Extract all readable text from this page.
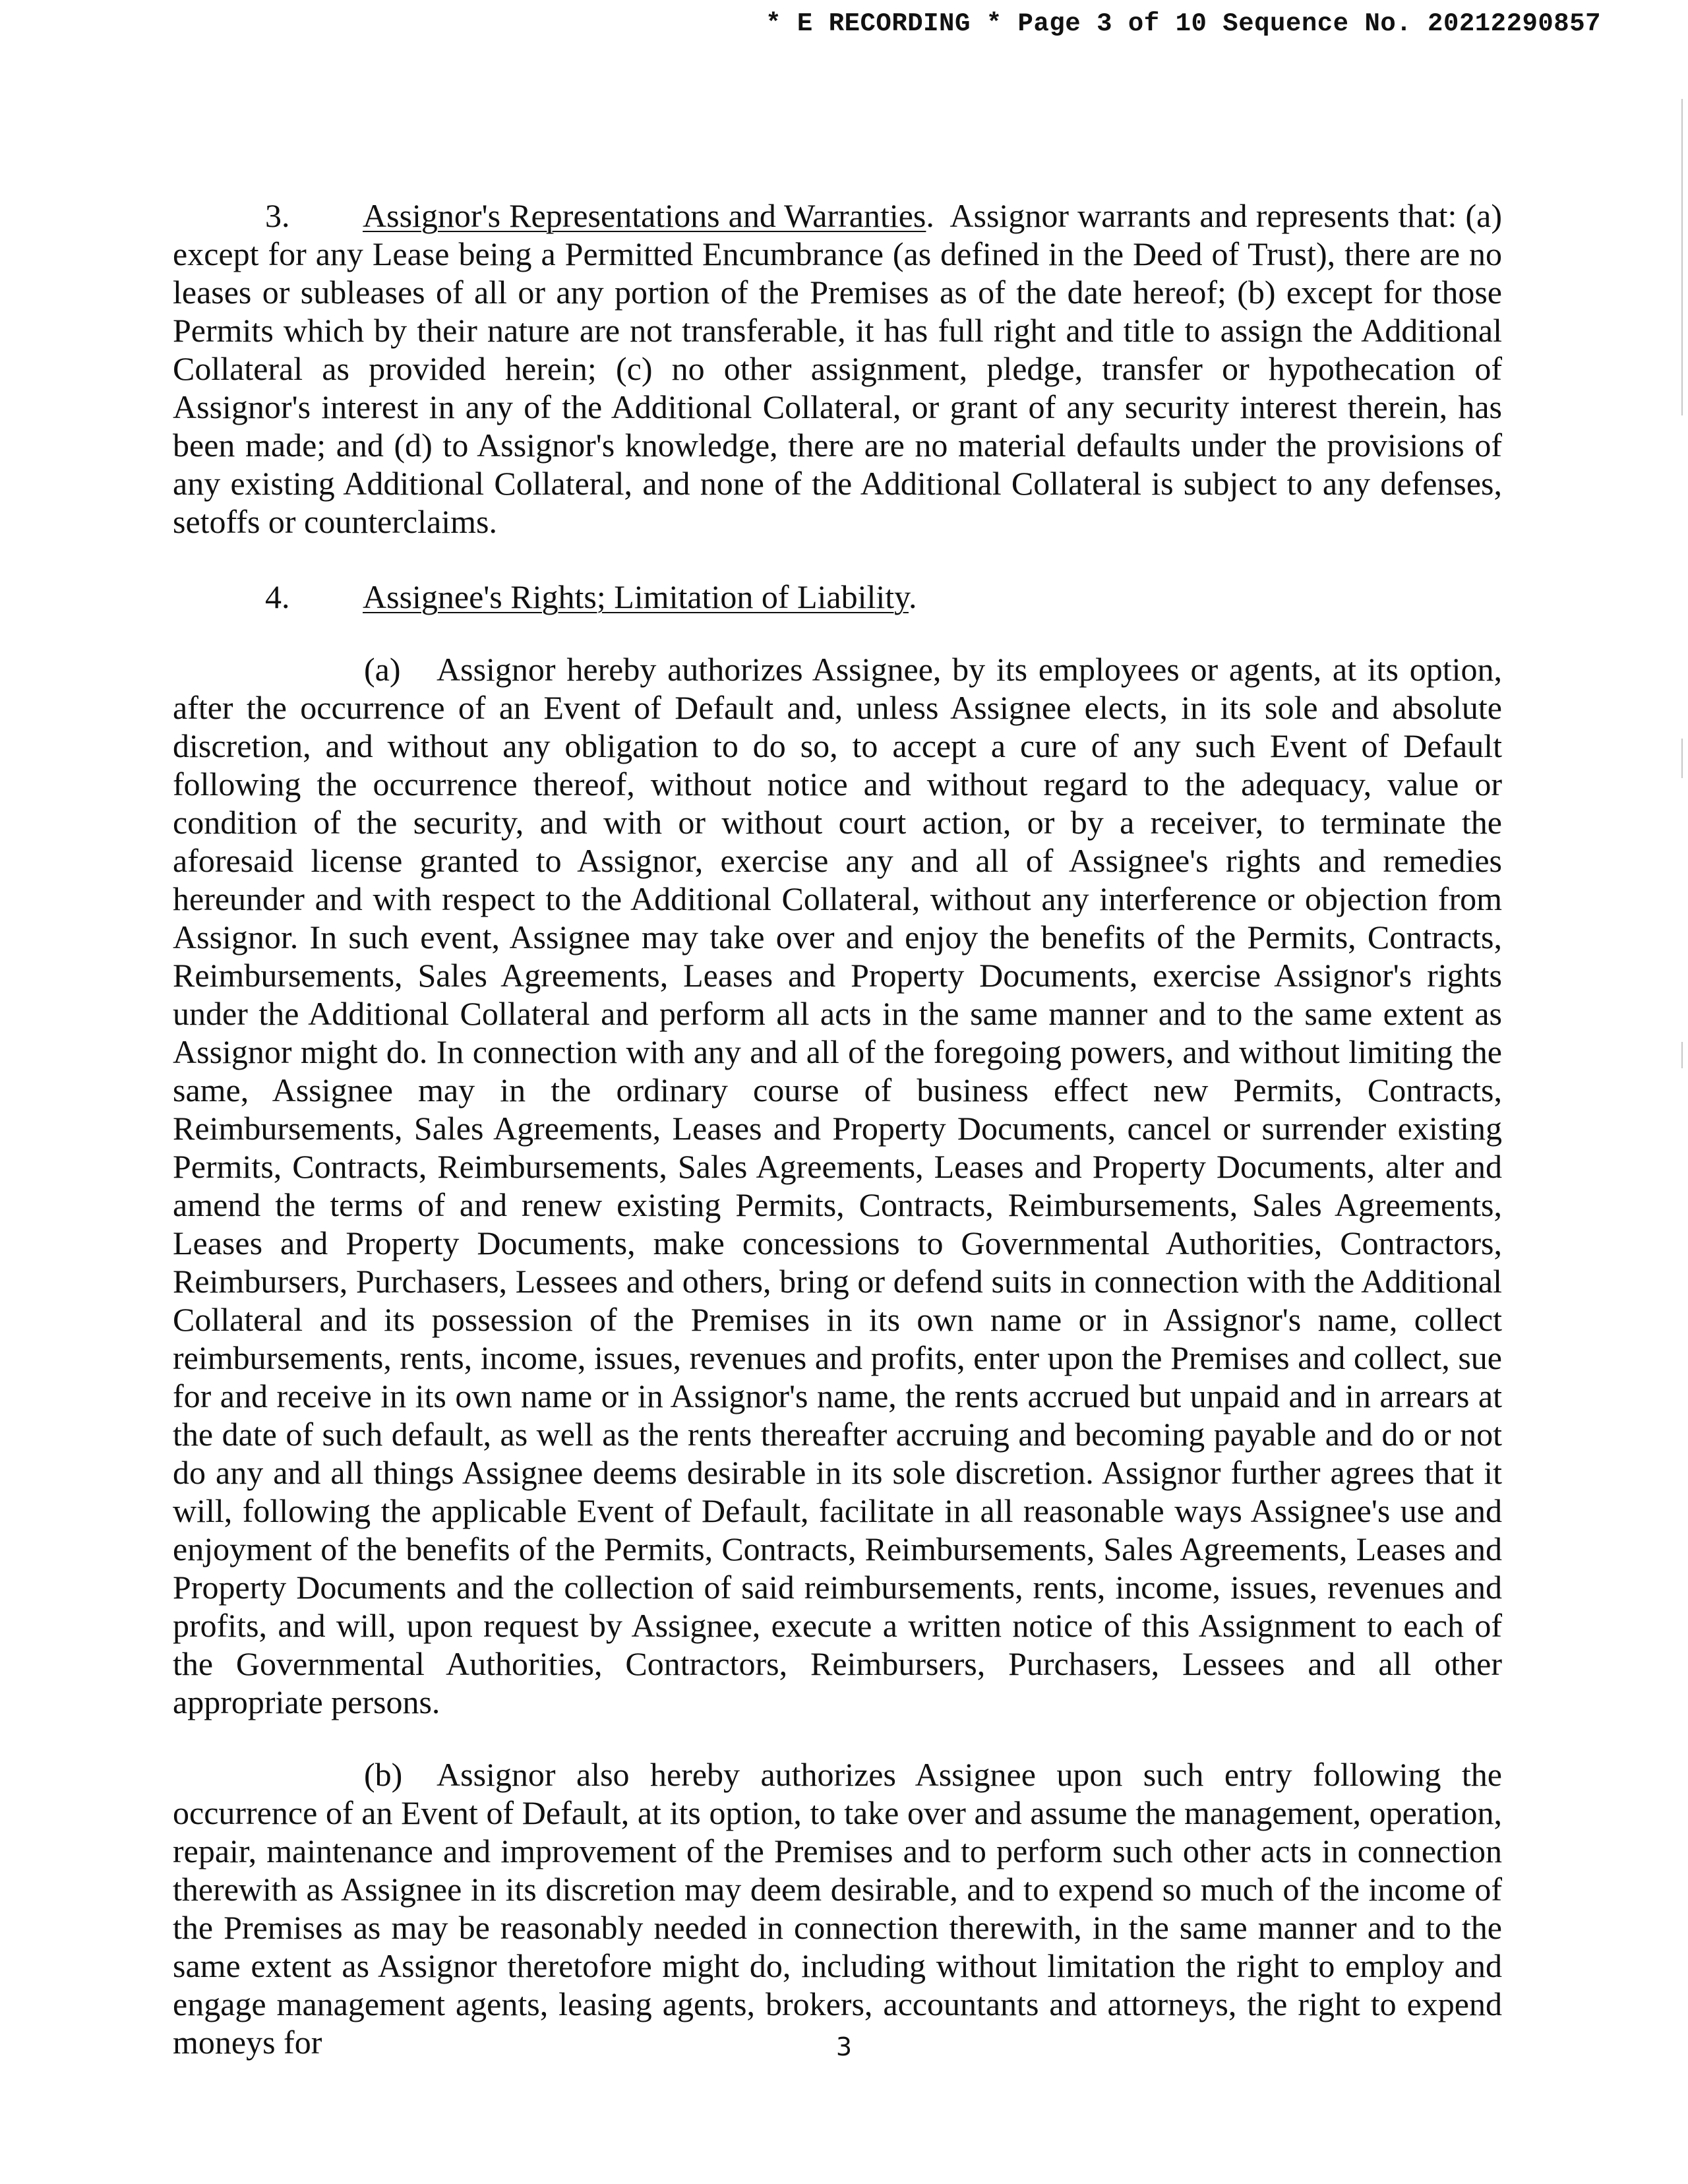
* E RECORDING * Page 3 of 10 Sequence No. 20212290857

3. Assignor's Representations and Warranties. Assignor warrants and represents that: (a) except for any Lease being a Permitted Encumbrance (as defined in the Deed of Trust), there are no leases or subleases of all or any portion of the Premises as of the date hereof; (b) except for those Permits which by their nature are not transferable, it has full right and title to assign the Additional Collateral as provided herein; (c) no other assignment, pledge, transfer or hypothecation of Assignor's interest in any of the Additional Collateral, or grant of any security interest therein, has been made; and (d) to Assignor's knowledge, there are no material defaults under the provisions of any existing Additional Collateral, and none of the Additional Collateral is subject to any defenses, setoffs or counterclaims.

4. Assignee's Rights; Limitation of Liability.

(a) Assignor hereby authorizes Assignee, by its employees or agents, at its option, after the occurrence of an Event of Default and, unless Assignee elects, in its sole and absolute discretion, and without any obligation to do so, to accept a cure of any such Event of Default following the occurrence thereof, without notice and without regard to the adequacy, value or condition of the security, and with or without court action, or by a receiver, to terminate the aforesaid license granted to Assignor, exercise any and all of Assignee's rights and remedies hereunder and with respect to the Additional Collateral, without any interference or objection from Assignor. In such event, Assignee may take over and enjoy the benefits of the Permits, Contracts, Reimbursements, Sales Agreements, Leases and Property Documents, exercise Assignor's rights under the Additional Collateral and perform all acts in the same manner and to the same extent as Assignor might do. In connection with any and all of the foregoing powers, and without limiting the same, Assignee may in the ordinary course of business effect new Permits, Contracts, Reimbursements, Sales Agreements, Leases and Property Documents, cancel or surrender existing Permits, Contracts, Reimbursements, Sales Agreements, Leases and Property Documents, alter and amend the terms of and renew existing Permits, Contracts, Reimbursements, Sales Agreements, Leases and Property Documents, make concessions to Governmental Authorities, Contractors, Reimbursers, Purchasers, Lessees and others, bring or defend suits in connection with the Additional Collateral and its possession of the Premises in its own name or in Assignor's name, collect reimbursements, rents, income, issues, revenues and profits, enter upon the Premises and collect, sue for and receive in its own name or in Assignor's name, the rents accrued but unpaid and in arrears at the date of such default, as well as the rents thereafter accruing and becoming payable and do or not do any and all things Assignee deems desirable in its sole discretion. Assignor further agrees that it will, following the applicable Event of Default, facilitate in all reasonable ways Assignee's use and enjoyment of the benefits of the Permits, Contracts, Reimbursements, Sales Agreements, Leases and Property Documents and the collection of said reimbursements, rents, income, issues, revenues and profits, and will, upon request by Assignee, execute a written notice of this Assignment to each of the Governmental Authorities, Contractors, Reimbursers, Purchasers, Lessees and all other appropriate persons.

(b) Assignor also hereby authorizes Assignee upon such entry following the occurrence of an Event of Default, at its option, to take over and assume the management, operation, repair, maintenance and improvement of the Premises and to perform such other acts in connection therewith as Assignee in its discretion may deem desirable, and to expend so much of the income of the Premises as may be reasonably needed in connection therewith, in the same manner and to the same extent as Assignor theretofore might do, including without limitation the right to employ and engage management agents, leasing agents, brokers, accountants and attorneys, the right to expend moneys for	3
